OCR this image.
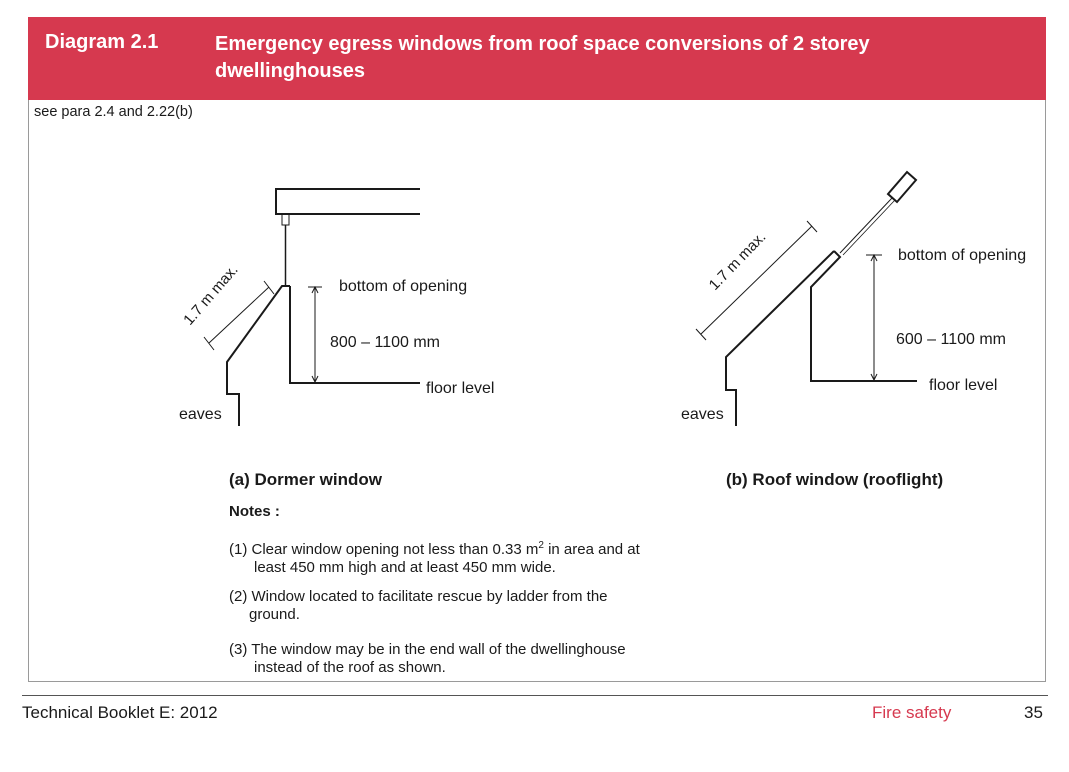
Diagram 2.1	Emergency egress windows from roof space conversions of 2 storey dwellinghouses
see para 2.4 and 2.22(b)
1.7 m max.	bottom of opening
800 – 1100 mm
floor level
eaves
1.7 m max.	bottom of opening
600 – 1100 mm
floor level
eaves
(a) Dormer window	(b) Roof window (rooflight)
Notes :
(1) Clear window opening not less than 0.33 $m^2$ in area and at
least 450 mm high and at least 450 mm wide.
(2) Window located to facilitate rescue by ladder from the
ground.
(3) The window may be in the end wall of the dwellinghouse
instead of the roof as shown.
Technical Booklet E: 2012	Fire safety	35
